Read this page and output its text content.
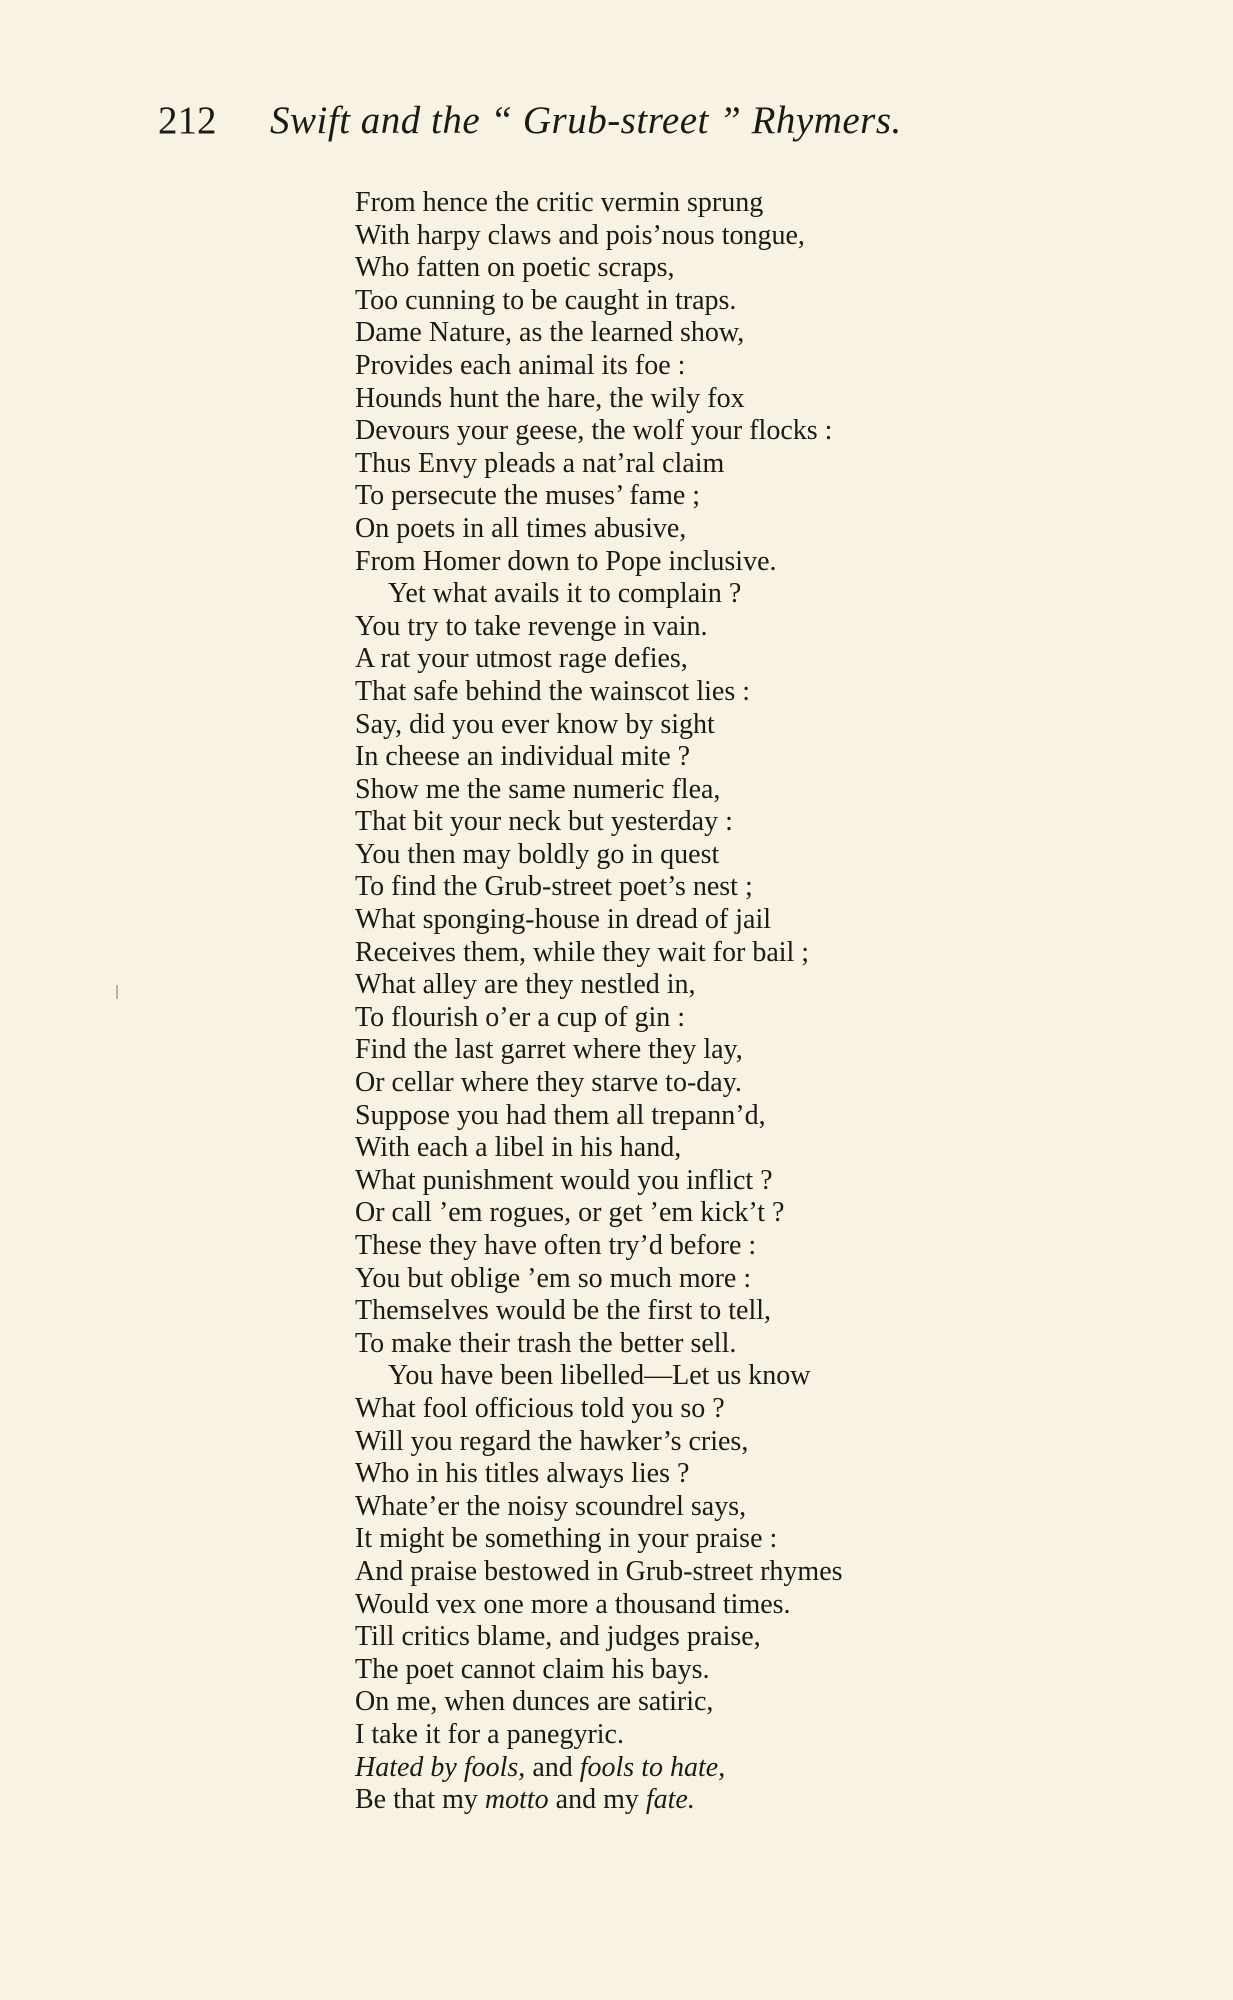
212 Swift and the “ Grub-street ” Rhymers.
From hence the critic vermin sprung
With harpy claws and pois’nous tongue,
Who fatten on poetic scraps,
Too cunning to be caught in traps.
Dame Nature, as the learned show,
Provides each animal its foe :
Hounds hunt the hare, the wily fox
Devours your geese, the wolf your flocks :
Thus Envy pleads a nat’ral claim
To persecute the muses’ fame ;
On poets in all times abusive,
From Homer down to Pope inclusive.
Yet what avails it to complain ?
You try to take revenge in vain.
A rat your utmost rage defies,
That safe behind the wainscot lies :
Say, did you ever know by sight
In cheese an individual mite ?
Show me the same numeric flea,
That bit your neck but yesterday :
You then may boldly go in quest
To find the Grub-street poet’s nest ;
What sponging-house in dread of jail
Receives them, while they wait for bail ;
What alley are they nestled in,
To flourish o’er a cup of gin :
Find the last garret where they lay,
Or cellar where they starve to-day.
Suppose you had them all trepann’d,
With each a libel in his hand,
What punishment would you inflict ?
Or call ’em rogues, or get ’em kick’t ?
These they have often try’d before :
You but oblige ’em so much more :
Themselves would be the first to tell,
To make their trash the better sell.
You have been libelled—Let us know
What fool officious told you so ?
Will you regard the hawker’s cries,
Who in his titles always lies ?
Whate’er the noisy scoundrel says,
It might be something in your praise :
And praise bestowed in Grub-street rhymes
Would vex one more a thousand times.
Till critics blame, and judges praise,
The poet cannot claim his bays.
On me, when dunces are satiric,
I take it for a panegyric.
Hated by fools, and fools to hate,
Be that my motto and my fate.
